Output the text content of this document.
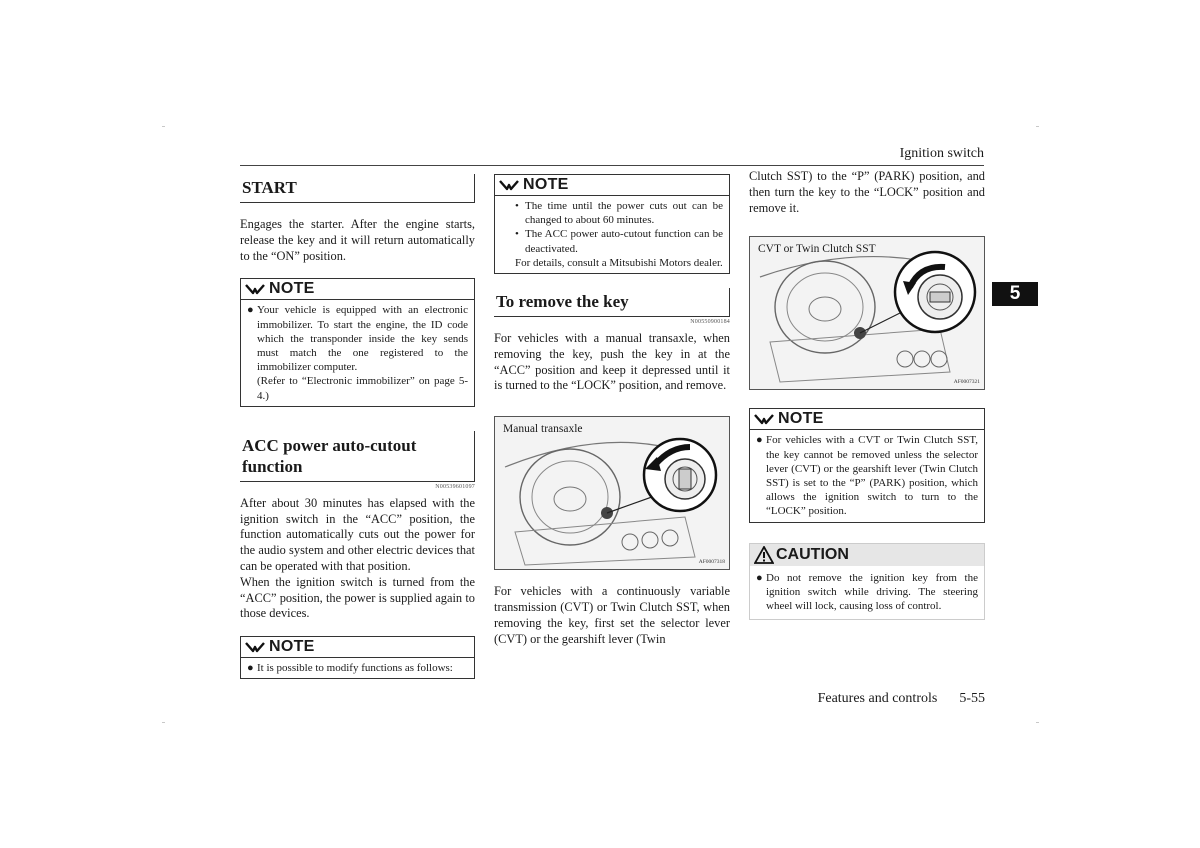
Ignition switch
5
START
Engages the starter. After the engine starts, release the key and it will return automatically to the “ON” position.
NOTE
● Your vehicle is equipped with an electronic immobilizer. To start the engine, the ID code which the transponder inside the key sends must match the one registered to the immobilizer computer.
(Refer to “Electronic immobilizer” on page 5-4.)
ACC power auto-cutout function
N00539601097
After about 30 minutes has elapsed with the ignition switch in the “ACC” position, the function automatically cuts out the power for the audio system and other electric devices that can be operated with that position.
When the ignition switch is turned from the “ACC” position, the power is supplied again to those devices.
NOTE
● It is possible to modify functions as follows:
NOTE
• The time until the power cuts out can be changed to about 60 minutes.
• The ACC power auto-cutout function can be deactivated.
For details, consult a Mitsubishi Motors dealer.
To remove the key
N00550900184
For vehicles with a manual transaxle, when removing the key, push the key in at the “ACC” position and keep it depressed until it is turned to the “LOCK” position, and remove.
Manual transaxle
AF0007318
For vehicles with a continuously variable transmission (CVT) or Twin Clutch SST, when removing the key, first set the selector lever (CVT) or the gearshift lever (Twin
Clutch SST) to the “P” (PARK) position, and then turn the key to the “LOCK” position and remove it.
CVT or Twin Clutch SST
AF0007321
NOTE
● For vehicles with a CVT or Twin Clutch SST, the key cannot be removed unless the selector lever (CVT) or the gearshift lever (Twin Clutch SST) is set to the “P” (PARK) position, which allows the ignition switch to turn to the “LOCK” position.
CAUTION
● Do not remove the ignition key from the ignition switch while driving. The steering wheel will lock, causing loss of control.
Features and controls 5-55
